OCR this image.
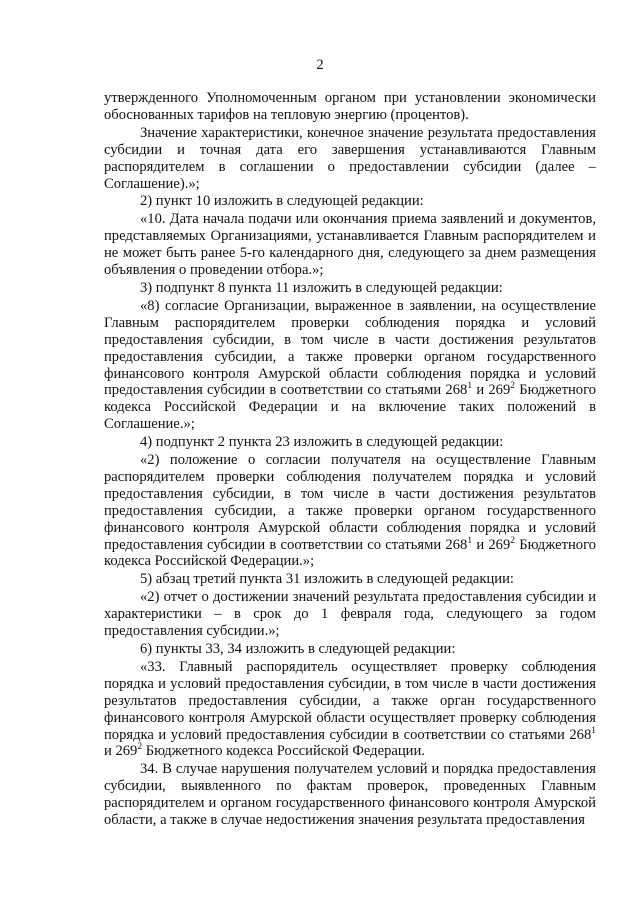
2

утвержденного Уполномоченным органом при установлении экономически обоснованных тарифов на тепловую энергию (процентов).

Значение характеристики, конечное значение результата предоставления субсидии и точная дата его завершения устанавливаются Главным распорядителем в соглашении о предоставлении субсидии (далее – Соглашение).»;

2) пункт 10 изложить в следующей редакции:

«10. Дата начала подачи или окончания приема заявлений и документов, представляемых Организациями, устанавливается Главным распорядителем и не может быть ранее 5-го календарного дня, следующего за днем размещения объявления о проведении отбора.»;

3) подпункт 8 пункта 11 изложить в следующей редакции:

«8) согласие Организации, выраженное в заявлении, на осуществление Главным распорядителем проверки соблюдения порядка и условий предоставления субсидии, в том числе в части достижения результатов предоставления субсидии, а также проверки органом государственного финансового контроля Амурской области соблюдения порядка и условий предоставления субсидии в соответствии со статьями $268^1$ и $269^2$ Бюджетного кодекса Российской Федерации и на включение таких положений в Соглашение.»;

4) подпункт 2 пункта 23 изложить в следующей редакции:

«2) положение о согласии получателя на осуществление Главным распорядителем проверки соблюдения получателем порядка и условий предоставления субсидии, в том числе в части достижения результатов предоставления субсидии, а также проверки органом государственного финансового контроля Амурской области соблюдения порядка и условий предоставления субсидии в соответствии со статьями $268^1$ и $269^2$ Бюджетного кодекса Российской Федерации.»;

5) абзац третий пункта 31 изложить в следующей редакции:

«2) отчет о достижении значений результата предоставления субсидии и характеристики – в срок до 1 февраля года, следующего за годом предоставления субсидии.»;

6) пункты 33, 34 изложить в следующей редакции:

«33. Главный распорядитель осуществляет проверку соблюдения порядка и условий предоставления субсидии, в том числе в части достижения результатов предоставления субсидии, а также орган государственного финансового контроля Амурской области осуществляет проверку соблюдения порядка и условий предоставления субсидии в соответствии со статьями $268^1$ и $269^2$ Бюджетного кодекса Российской Федерации.

34. В случае нарушения получателем условий и порядка предоставления субсидии, выявленного по фактам проверок, проведенных Главным распорядителем и органом государственного финансового контроля Амурской области, а также в случае недостижения значения результата предоставления
